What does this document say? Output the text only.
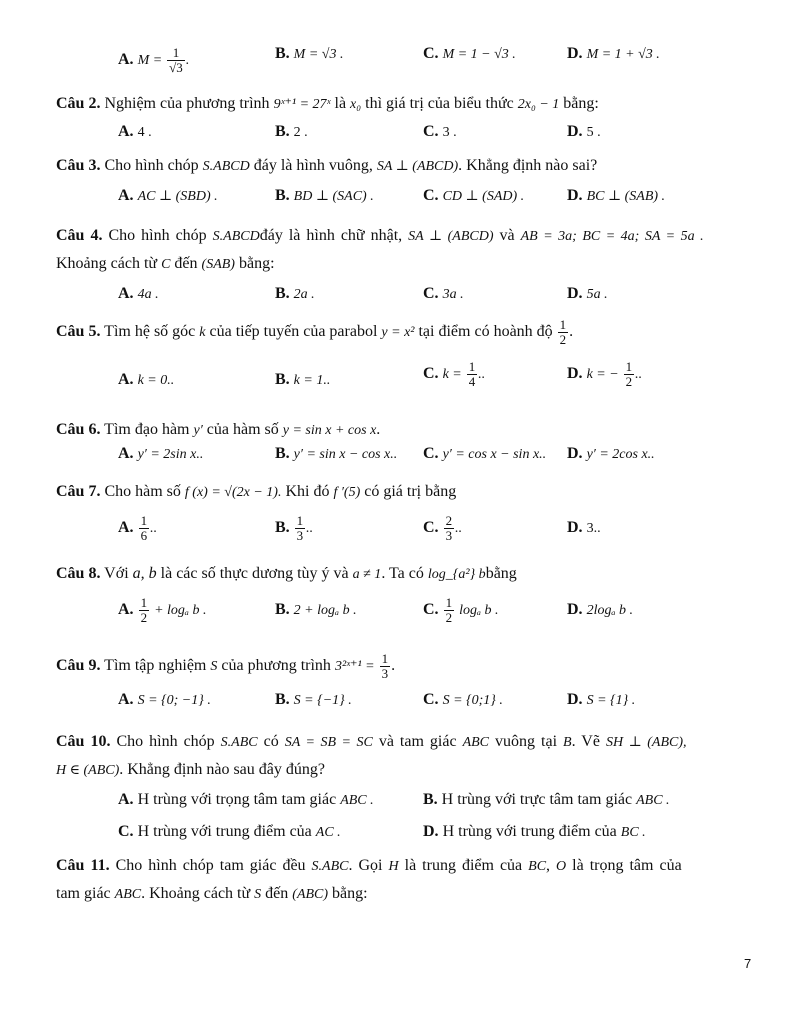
A. $M = \frac{1}{√3}$ .	B. M = √3 .	C. M = 1 − √3 .	D. M = 1 + √3 .
Câu 2. Nghiệm của phương trình 9ˣ⁺¹ = 27ˣ là x₀ thì giá trị của biểu thức 2x₀ − 1 bằng:
A. 4 .	B. 2 .	C. 3 .	D. 5 .
Câu 3. Cho hình chóp S.ABCD đáy là hình vuông, SA ⊥ (ABCD). Khẳng định nào sai?
A. AC ⊥ (SBD) .	B. BD ⊥ (SAC) .	C. CD ⊥ (SAD) .	D. BC ⊥ (SAB) .
Câu 4. Cho hình chóp S.ABCDđáy là hình chữ nhật, SA ⊥ (ABCD) và AB = 3a; BC = 4a; SA = 5a .
Khoảng cách từ C đến (SAB) bằng:
A. 4a .	B. 2a .	C. 3a .	D. 5a .
Câu 5. Tìm hệ số góc k của tiếp tuyến của parabol y = x² tại điểm có hoành độ $\frac{1}{2}$ .
A. k = 0..	B. k = 1..	C. $k = \frac{1}{4}$ ..	D. k = − $\frac{1}{2}$ ..
Câu 6. Tìm đạo hàm y′ của hàm số y = sin x + cos x.
A. y′ = 2sin x..	B. y′ = sin x − cos x.. C. y′ = cos x − sin x.. D. y′ = 2cos x..
Câu 7. Cho hàm số f (x) = √(2x − 1). Khi đó f ′(5) có giá trị bằng
A. $\frac{1}{6}$ ..	B. $\frac{1}{3}$ ..	C. $\frac{2}{3}$ ..	D. 3..
Câu 8. Với a, b là các số thực dương tùy ý và a ≠ 1. Ta có log_{a²} bbằng
A. $\frac{1}{2} + \log_a$ b .	B. 2 + logₐ b .	C. $\frac{1}{2}$ logₐ b .	D. 2logₐ b .
Câu 9. Tìm tập nghiệm S của phương trình 3²ˣ⁺¹ = $\frac{1}{3}$ .
A. S = {0; −1} .	B. S = {−1} .	C. S = {0;1} .	D. S = {1} .
Câu 10. Cho hình chóp S.ABC có SA = SB = SC và tam giác ABC vuông tại B. Vẽ SH ⊥ (ABC),
H ∈ (ABC). Khẳng định nào sau đây đúng?
A. H trùng với trọng tâm tam giác ABC .	B. H trùng với trực tâm tam giác ABC .
C. H trùng với trung điểm của AC .	D. H trùng với trung điểm của BC .
Câu 11. Cho hình chóp tam giác đều S.ABC. Gọi H là trung điểm của BC, O là trọng tâm của
tam giác ABC. Khoảng cách từ S đến (ABC) bằng:
7
